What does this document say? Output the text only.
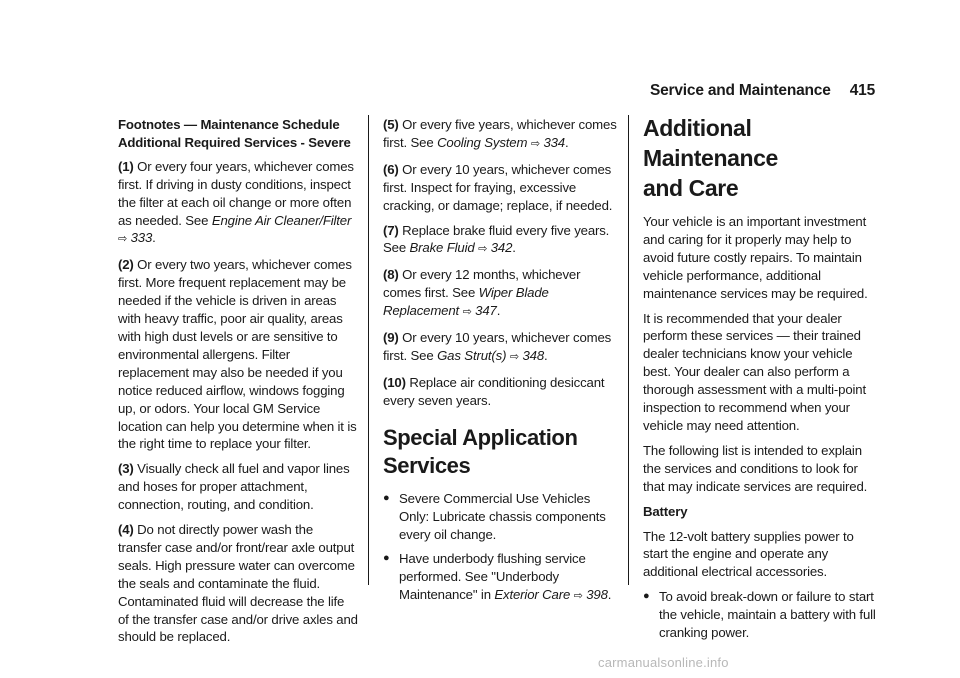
Service and Maintenance 415

Footnotes — Maintenance Schedule
Additional Required Services - Severe

(1) Or every four years, whichever comes first. If driving in dusty conditions, inspect the filter at each oil change or more often as needed. See Engine Air Cleaner/Filter
⇨ 333.

(2) Or every two years, whichever comes first. More frequent replacement may be needed if the vehicle is driven in areas with heavy traffic, poor air quality, areas with high dust levels or are sensitive to environmental allergens. Filter replacement may also be needed if you notice reduced airflow, windows fogging up, or odors. Your local GM Service location can help you determine when it is the right time to replace your filter.

(3) Visually check all fuel and vapor lines and hoses for proper attachment, connection, routing, and condition.

(4) Do not directly power wash the transfer case and/or front/rear axle output seals. High pressure water can overcome the seals and contaminate the fluid. Contaminated fluid will decrease the life of the transfer case and/or drive axles and should be replaced.

(5) Or every five years, whichever comes first. See Cooling System ⇨ 334.

(6) Or every 10 years, whichever comes first. Inspect for fraying, excessive cracking, or damage; replace, if needed.

(7) Replace brake fluid every five years. See Brake Fluid ⇨ 342.

(8) Or every 12 months, whichever comes first. See Wiper Blade Replacement ⇨ 347.

(9) Or every 10 years, whichever comes first. See Gas Strut(s) ⇨ 348.

(10) Replace air conditioning desiccant every seven years.

Special Application Services
● Severe Commercial Use Vehicles Only: Lubricate chassis components every oil change.
● Have underbody flushing service performed. See "Underbody Maintenance" in Exterior Care ⇨ 398.
Additional Maintenance
and Care

Your vehicle is an important investment and caring for it properly may help to avoid future costly repairs. To maintain vehicle performance, additional maintenance services may be required.

It is recommended that your dealer perform these services — their trained dealer technicians know your vehicle best. Your dealer can also perform a thorough assessment with a multi-point inspection to recommend when your vehicle may need attention.

The following list is intended to explain the services and conditions to look for that may indicate services are required.

Battery

The 12-volt battery supplies power to start the engine and operate any additional electrical accessories.

● To avoid break-down or failure to start the vehicle, maintain a battery with full cranking power.
carmanualsonline.info
